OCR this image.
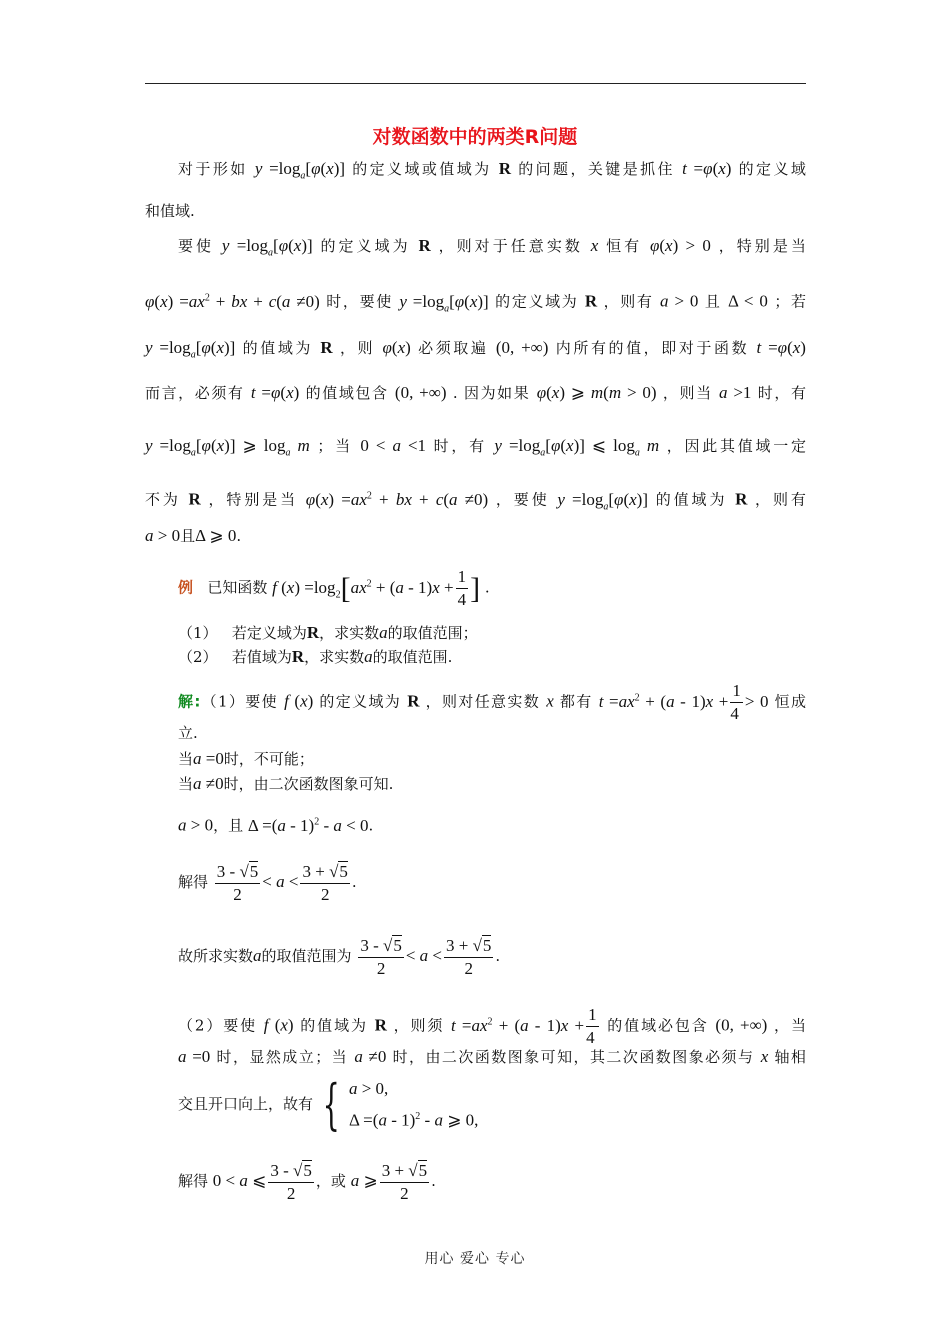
对数函数中的两类R问题
对于形如 $y =\log_a[\varphi(x)]$ 的定义域或值域为 R 的问题，关键是抓住 t =φ(x) 的定义域
和值域.
要使 $y =\log_a[\varphi(x)]$ 的定义域为 R ，则对于任意实数 x 恒有 φ(x) > 0 ，特别是当
$\varphi(x) =ax^2$ + bx + c(a ≠0) 时，要使 $y =\log_a[\varphi(x)]$ 的定义域为 R ，则有 a > 0 且 Δ < 0 ；若
$y =\log_a[\varphi(x)]$ 的值域为 R ，则 φ(x) 必须取遍 (0, +∞) 内所有的值，即对于函数 t =φ(x)
而言，必须有 t =φ(x) 的值域包含 (0, +∞) . 因为如果 φ(x) ⩾ m(m > 0) ，则当 a >1 时，有
$y =\log_a[\varphi(x)]$ ⩾ $\log_a m$ ；当 0 < a <1 时，有 $y =\log_a[\varphi(x)]$ ⩽ $\log_a m$ ，因此其值域一定
不为 R ，特别是当 $\varphi(x) =ax^2$ + bx + c(a ≠0) ，要使 $y =\log_a[\varphi(x)]$ 的值域为 R ，则有
a > 0且Δ ⩾ 0.
例 已知函数 f $(x) =\log_2[ax^2 + (a - 1)x + \frac{1}{4}$ ] .
（1） 若定义域为R，求实数a的取值范围；
（2） 若值域为R，求实数a的取值范围.
解:（1）要使 f (x) 的定义域为 R ，则对任意实数 x 都有 $t =ax^2 + (a - 1)x + \frac{1}{4} > 0$ 恒成
立.
当a =0时，不可能；
当a ≠0时，由二次函数图象可知.
a > 0，且 Δ =(a - 1)$^2$ - a < 0.
解得 $\frac{3 - √5}{2} < a < \frac{3 + √5}{2}$ .
故所求实数a的取值范围为 $\frac{3 - √5}{2} < a < \frac{3 + √5}{2}$ .
（2）要使 f (x) 的值域为 R ，则须 $t =ax^2 + (a - 1)x + \frac{1}{4}$ 的值域必包含 (0, +∞) ，当
a =0 时，显然成立；当 a ≠0 时，由二次函数图象可知，其二次函数图象必须与 x 轴相
交且开口向上，故有 { a > 0,
Δ =(a - 1)$^2$ - a ⩾ 0,
解得 0 < a ⩽ $\frac{3 - √5}{2}$ ，或 a ⩾ $\frac{3 + √5}{2}$ .
用心 爱心 专心
